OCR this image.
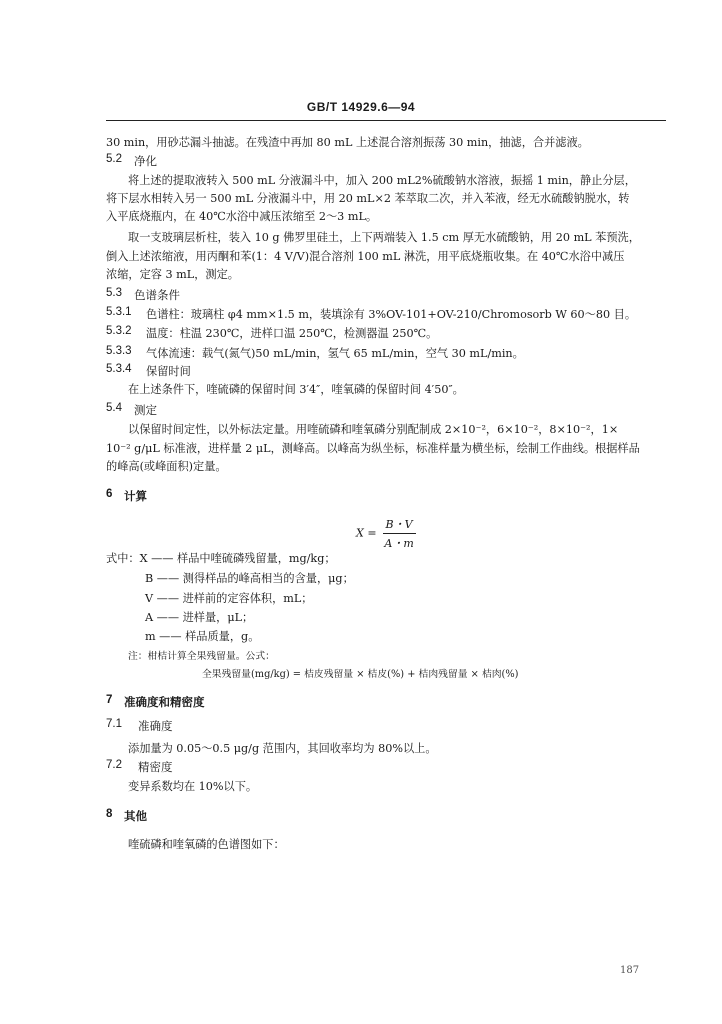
GB/T 14929.6—94
30 min，用砂芯漏斗抽滤。在残渣中再加 80 mL 上述混合溶剂振荡 30 min，抽滤，合并滤液。
5.2 净化
将上述的提取液转入 500 mL 分液漏斗中，加入 200 mL2%硫酸钠水溶液，振摇 1 min，静止分层，
将下层水相转入另一 500 mL 分液漏斗中，用 20 mL×2 苯萃取二次，并入苯液，经无水硫酸钠脱水，转
入平底烧瓶内，在 40℃水浴中减压浓缩至 2～3 mL。
取一支玻璃层析柱，装入 10 g 佛罗里硅土，上下两端装入 1.5 cm 厚无水硫酸钠，用 20 mL 苯预洗，
倒入上述浓缩液，用丙酮和苯(1：4 V/V)混合溶剂 100 mL 淋洗，用平底烧瓶收集。在 40℃水浴中减压
浓缩，定容 3 mL，测定。
5.3 色谱条件
5.3.1 色谱柱：玻璃柱 φ4 mm×1.5 m，装填涂有 3%OV-101+OV-210/Chromosorb W 60～80 目。
5.3.2 温度：柱温 230℃，进样口温 250℃，检测器温 250℃。
5.3.3 气体流速：载气(氮气)50 mL/min，氢气 65 mL/min，空气 30 mL/min。
5.3.4 保留时间
在上述条件下，喹硫磷的保留时间 3′4″，喹氧磷的保留时间 4′50″。
5.4 测定
以保留时间定性，以外标法定量。用喹硫磷和喹氧磷分别配制成 2×10⁻²，6×10⁻²，8×10⁻²，1×
10⁻² g/μL 标准液，进样量 2 μL，测峰高。以峰高为纵坐标，标准样量为横坐标，绘制工作曲线。根据样品
的峰高(或峰面积)定量。
6 计算
$X = \frac{B・V}{A・m}$
式中：X —— 样品中喹硫磷残留量，mg/kg；
B —— 测得样品的峰高相当的含量，μg；
V —— 进样前的定容体积，mL；
A —— 进样量，μL；
m —— 样品质量，g。
注：柑桔计算全果残留量。公式：
全果残留量(mg/kg) = 桔皮残留量 × 桔皮(%) + 桔肉残留量 × 桔肉(%)
7 准确度和精密度
7.1 准确度
添加量为 0.05～0.5 μg/g 范围内，其回收率均为 80%以上。
7.2 精密度
变异系数均在 10%以下。
8 其他
喹硫磷和喹氧磷的色谱图如下：
187
